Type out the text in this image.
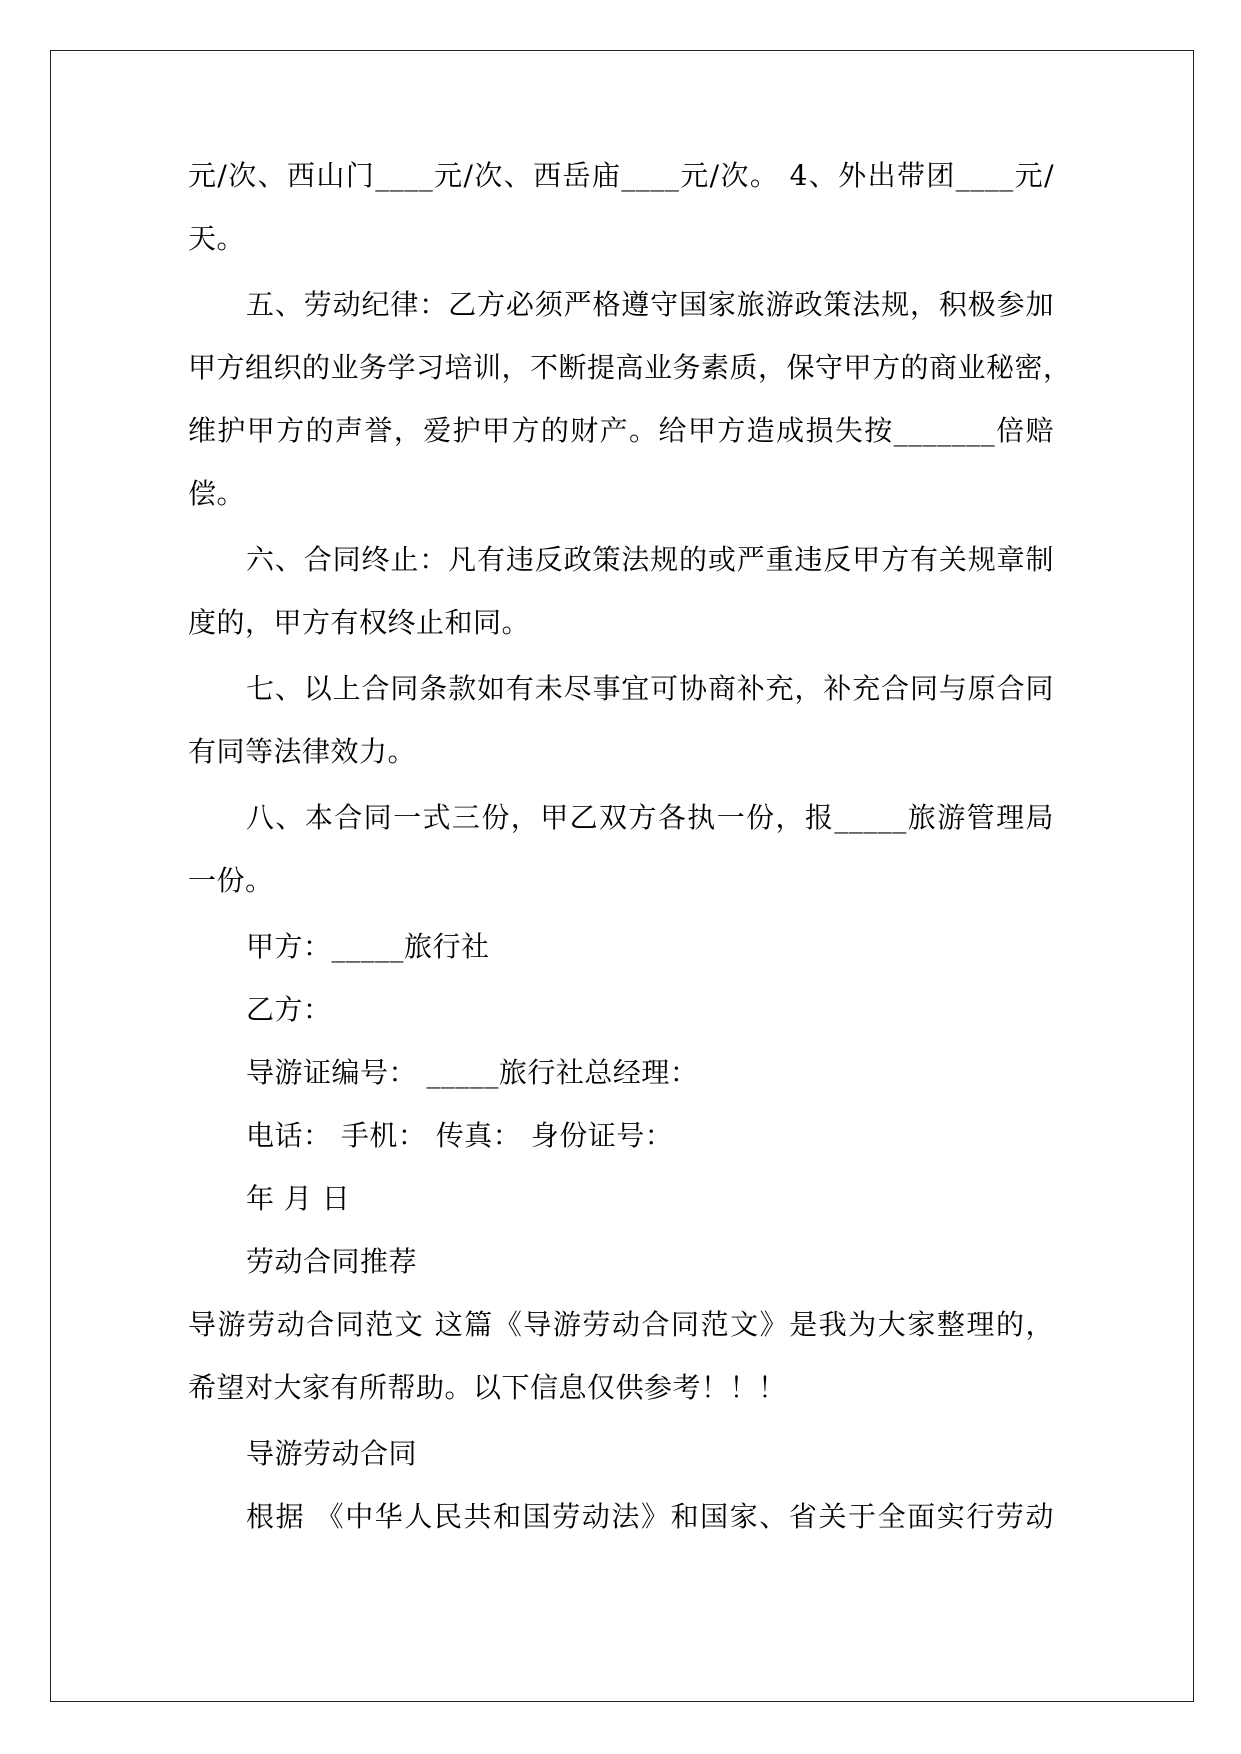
元/次、西山门____元/次、西岳庙____元/次。 4、外出带团____元/

天。

五、劳动纪律：乙方必须严格遵守国家旅游政策法规，积极参加

甲方组织的业务学习培训，不断提高业务素质，保守甲方的商业秘密，

维护甲方的声誉，爱护甲方的财产。给甲方造成损失按_______倍赔

偿。

六、合同终止：凡有违反政策法规的或严重违反甲方有关规章制

度的，甲方有权终止和同。

七、以上合同条款如有未尽事宜可协商补充，补充合同与原合同

有同等法律效力。

八、本合同一式三份，甲乙双方各执一份，报_____旅游管理局

一份。

甲方：_____旅行社

乙方：

导游证编号： _____旅行社总经理：

电话： 手机： 传真： 身份证号：

年 月 日

劳动合同推荐

导游劳动合同范文 这篇《导游劳动合同范文》是我为大家整理的，

希望对大家有所帮助。以下信息仅供参考！！！

导游劳动合同

根据 《中华人民共和国劳动法》和国家、省关于全面实行劳动
